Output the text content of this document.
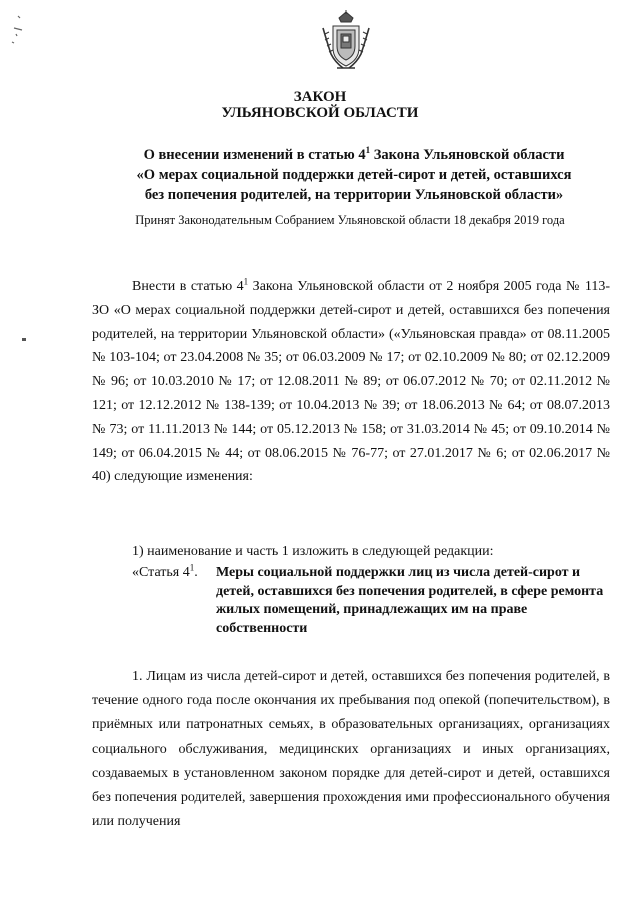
ЗАКОН

УЛЬЯНОВСКОЙ ОБЛАСТИ

О внесении изменений в статью $4^1$ Закона Ульяновской области
«О мерах социальной поддержки детей-сирот и детей, оставшихся
без попечения родителей, на территории Ульяновской области»

Принят Законодательным Собранием Ульяновской области 18 декабря 2019 года

Внести в статью $4^1$ Закона Ульяновской области от 2 ноября 2005 года № 113-ЗО «О мерах социальной поддержки детей-сирот и детей, оставшихся без попечения родителей, на территории Ульяновской области» («Ульяновская правда» от 08.11.2005 № 103-104; от 23.04.2008 № 35; от 06.03.2009 № 17; от 02.10.2009 № 80; от 02.12.2009 № 96; от 10.03.2010 № 17; от 12.08.2011 № 89; от 06.07.2012 № 70; от 02.11.2012 № 121; от 12.12.2012 № 138-139; от 10.04.2013 № 39; от 18.06.2013 № 64; от 08.07.2013 № 73; от 11.11.2013 № 144; от 05.12.2013 № 158; от 31.03.2014 № 45; от 09.10.2014 № 149; от 06.04.2015 № 44; от 08.06.2015 № 76-77; от 27.01.2017 № 6; от 02.06.2017 № 40) следующие изменения:

1) наименование и часть 1 изложить в следующей редакции:

«Статья $4^1$. Меры социальной поддержки лиц из числа детей-сирот и детей, оставшихся без попечения родителей, в сфере ремонта жилых помещений, принадлежащих им на праве собственности

1. Лицам из числа детей-сирот и детей, оставшихся без попечения родителей, в течение одного года после окончания их пребывания под опекой (попечительством), в приёмных или патронатных семьях, в образовательных организациях, организациях социального обслуживания, медицинских организациях и иных организациях, создаваемых в установленном законом порядке для детей-сирот и детей, оставшихся без попечения родителей, завершения прохождения ими профессионального обучения или получения
